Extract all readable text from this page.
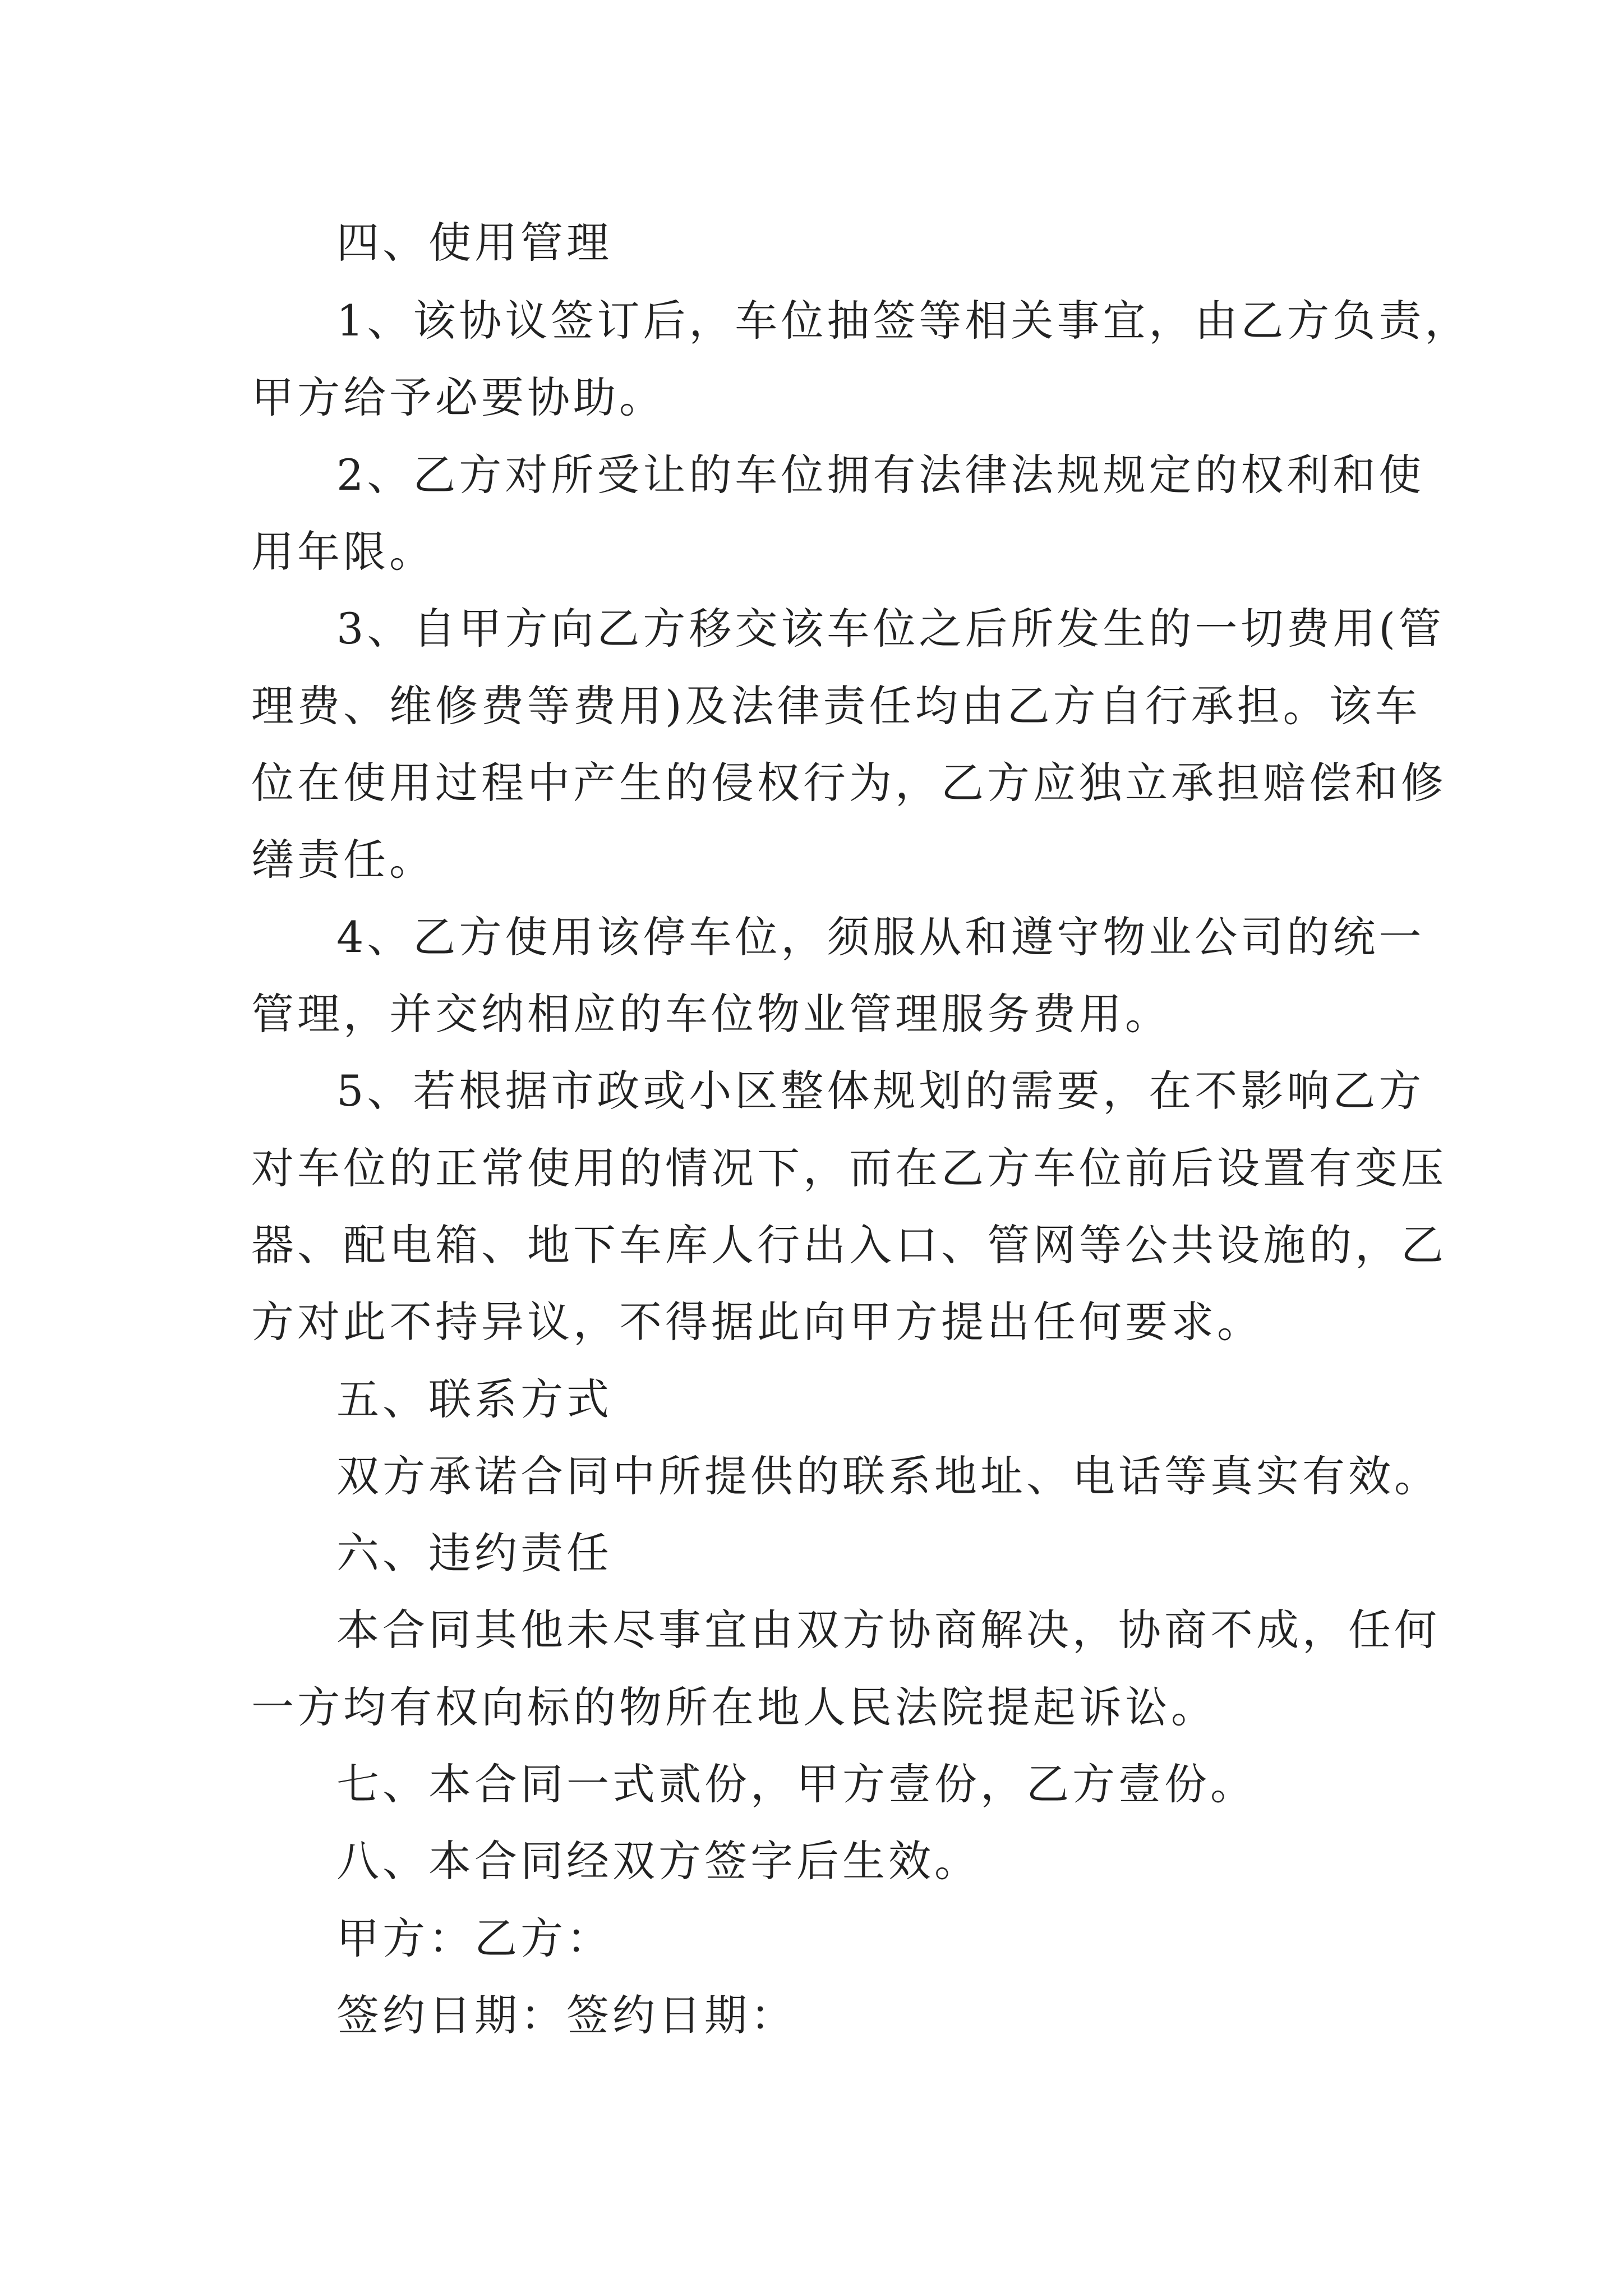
四、使用管理

1、该协议签订后，车位抽签等相关事宜，由乙方负责，

甲方给予必要协助。

2、乙方对所受让的车位拥有法律法规规定的权利和使

用年限。

3、自甲方向乙方移交该车位之后所发生的一切费用(管

理费、维修费等费用)及法律责任均由乙方自行承担。该车

位在使用过程中产生的侵权行为，乙方应独立承担赔偿和修

缮责任。

4、乙方使用该停车位，须服从和遵守物业公司的统一

管理，并交纳相应的车位物业管理服务费用。

5、若根据市政或小区整体规划的需要，在不影响乙方

对车位的正常使用的情况下，而在乙方车位前后设置有变压

器、配电箱、地下车库人行出入口、管网等公共设施的，乙

方对此不持异议，不得据此向甲方提出任何要求。

五、联系方式

双方承诺合同中所提供的联系地址、电话等真实有效。

六、违约责任

本合同其他未尽事宜由双方协商解决，协商不成，任何

一方均有权向标的物所在地人民法院提起诉讼。

七、本合同一式贰份，甲方壹份，乙方壹份。

八、本合同经双方签字后生效。

甲方：乙方：

签约日期：签约日期：
